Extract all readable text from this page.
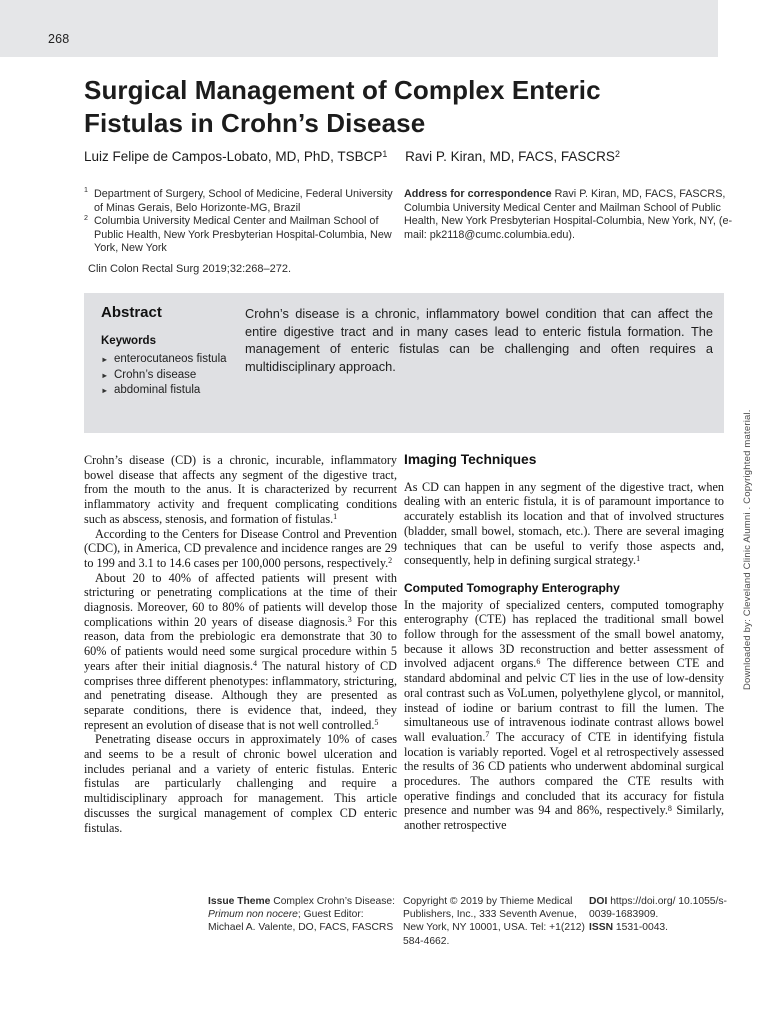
268
Surgical Management of Complex Enteric Fistulas in Crohn’s Disease
Luiz Felipe de Campos-Lobato, MD, PhD, TSBCP$^1$ Ravi P. Kiran, MD, FACS, FASCRS$^2$
1 Department of Surgery, School of Medicine, Federal University of Minas Gerais, Belo Horizonte-MG, Brazil
2 Columbia University Medical Center and Mailman School of Public Health, New York Presbyterian Hospital-Columbia, New York, New York
Clin Colon Rectal Surg 2019;32:268–272.
Address for correspondence Ravi P. Kiran, MD, FACS, FASCRS, Columbia University Medical Center and Mailman School of Public Health, New York Presbyterian Hospital-Columbia, New York, NY, (e-mail: pk2118@cumc.columbia.edu).
Abstract
Keywords
► enterocutaneos fistula
► Crohn’s disease
► abdominal fistula
Crohn’s disease is a chronic, inflammatory bowel condition that can affect the entire digestive tract and in many cases lead to enteric fistula formation. The management of enteric fistulas can be challenging and often requires a multidisciplinary approach.

Crohn’s disease (CD) is a chronic, incurable, inflammatory bowel disease that affects any segment of the digestive tract, from the mouth to the anus. It is characterized by recurrent inflammatory activity and frequent complicating conditions such as abscess, stenosis, and formation of fistulas.$^1$

According to the Centers for Disease Control and Prevention (CDC), in America, CD prevalence and incidence ranges are 29 to 199 and 3.1 to 14.6 cases per 100,000 persons, respectively.$^2$

About 20 to 40% of affected patients will present with stricturing or penetrating complications at the time of their diagnosis. Moreover, 60 to 80% of patients will develop those complications within 20 years of disease diagnosis.$^3$ For this reason, data from the prebiologic era demonstrate that 30 to 60% of patients would need some surgical procedure within 5 years after their initial diagnosis.$^4$ The natural history of CD comprises three different phenotypes: inflammatory, stricturing, and penetrating disease. Although they are presented as separate conditions, there is evidence that, indeed, they represent an evolution of disease that is not well controlled.$^5$

Penetrating disease occurs in approximately 10% of cases and seems to be a result of chronic bowel ulceration and includes perianal and a variety of enteric fistulas. Enteric fistulas are particularly challenging and require a multidisciplinary approach for management. This article discusses the surgical management of complex CD enteric fistulas.

Imaging Techniques

As CD can happen in any segment of the digestive tract, when dealing with an enteric fistula, it is of paramount importance to accurately establish its location and that of involved structures (bladder, small bowel, stomach, etc.). There are several imaging techniques that can be useful to verify those aspects and, consequently, help in defining surgical strategy.$^1$

Computed Tomography Enterography

In the majority of specialized centers, computed tomography enterography (CTE) has replaced the traditional small bowel follow through for the assessment of the small bowel anatomy, because it allows 3D reconstruction and better assessment of involved adjacent organs.$^6$ The difference between CTE and standard abdominal and pelvic CT lies in the use of low-density oral contrast such as VoLumen, polyethylene glycol, or mannitol, instead of iodine or barium contrast to fill the lumen. The simultaneous use of intravenous iodinate contrast allows bowel wall evaluation.$^7$ The accuracy of CTE in identifying fistula location is variably reported. Vogel et al retrospectively assessed the results of 36 CD patients who underwent abdominal surgical procedures. The authors compared the CTE results with operative findings and concluded that its accuracy for fistula presence and number was 94 and 86%, respectively.$^8$ Similarly, another retrospective

Issue Theme Complex Crohn’s Disease: Primum non nocere; Guest Editor: Michael A. Valente, DO, FACS, FASCRS
Copyright © 2019 by Thieme Medical Publishers, Inc., 333 Seventh Avenue, New York, NY 10001, USA. Tel: +1(212) 584-4662.
DOI https://doi.org/ 10.1055/s-0039-1683909.
ISSN 1531-0043.
Downloaded by: Cleveland Clinic Alumni . Copyrighted material.
